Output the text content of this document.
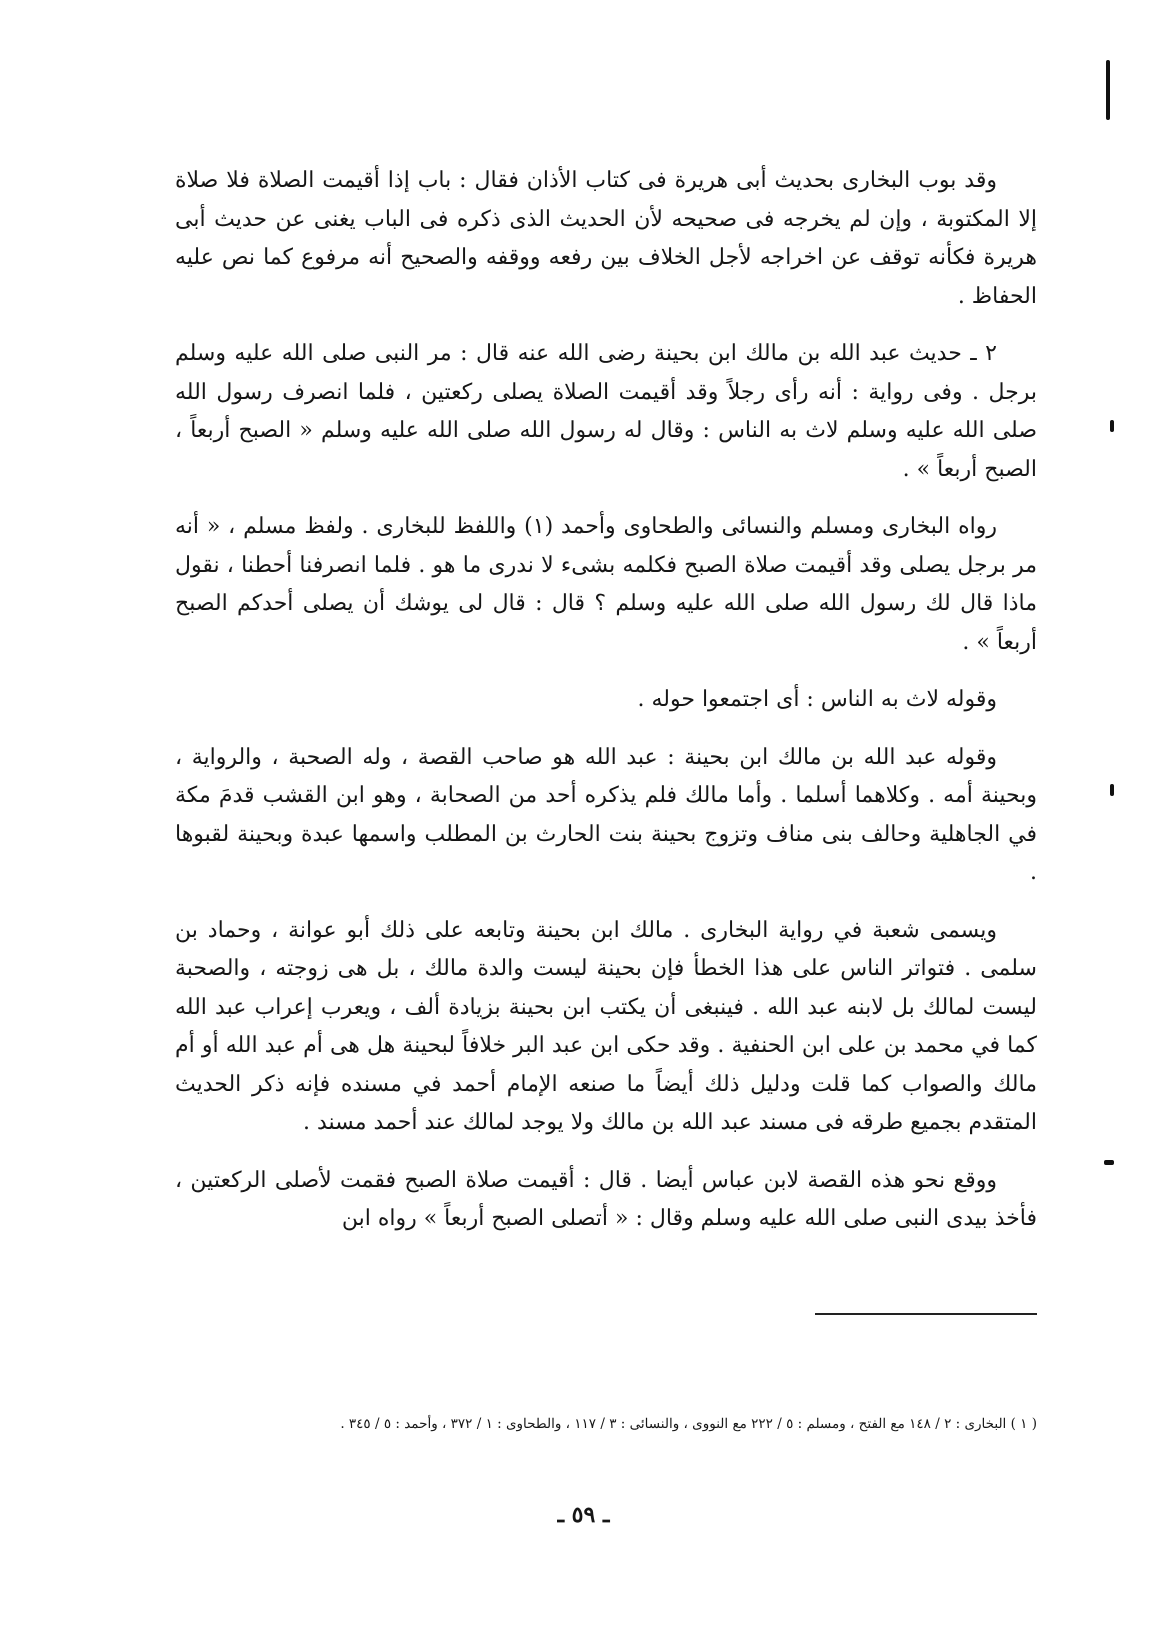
وقد بوب البخارى بحديث أبى هريرة فى كتاب الأذان فقال : باب إذا أقيمت الصلاة فلا صلاة إلا المكتوبة ، وإن لم يخرجه فى صحيحه لأن الحديث الذى ذكره فى الباب يغنى عن حديث أبى هريرة فكأنه توقف عن اخراجه لأجل الخلاف بين رفعه ووقفه والصحيح أنه مرفوع كما نص عليه الحفاظ .

٢ ـ حديث عبد الله بن مالك ابن بحينة رضى الله عنه قال : مر النبى صلى الله عليه وسلم برجل . وفى رواية : أنه رأى رجلاً وقد أقيمت الصلاة يصلى ركعتين ، فلما انصرف رسول الله صلى الله عليه وسلم لاث به الناس : وقال له رسول الله صلى الله عليه وسلم « الصبح أربعاً ، الصبح أربعاً » .

رواه البخارى ومسلم والنسائى والطحاوى وأحمد (١) واللفظ للبخارى . ولفظ مسلم ، « أنه مر برجل يصلى وقد أقيمت صلاة الصبح فكلمه بشىء لا ندرى ما هو . فلما انصرفنا أحطنا ، نقول ماذا قال لك رسول الله صلى الله عليه وسلم ؟ قال : قال لى يوشك أن يصلى أحدكم الصبح أربعاً » .

وقوله لاث به الناس : أى اجتمعوا حوله .

وقوله عبد الله بن مالك ابن بحينة : عبد الله هو صاحب القصة ، وله الصحبة ، والرواية ، وبحينة أمه . وكلاهما أسلما . وأما مالك فلم يذكره أحد من الصحابة ، وهو ابن القشب قدمَ مكة في الجاهلية وحالف بنى مناف وتزوج بحينة بنت الحارث بن المطلب واسمها عبدة وبحينة لقبوها .

ويسمى شعبة في رواية البخارى . مالك ابن بحينة وتابعه على ذلك أبو عوانة ، وحماد بن سلمى . فتواتر الناس على هذا الخطأ فإن بحينة ليست والدة مالك ، بل هى زوجته ، والصحبة ليست لمالك بل لابنه عبد الله . فينبغى أن يكتب ابن بحينة بزيادة ألف ، ويعرب إعراب عبد الله كما في محمد بن على ابن الحنفية . وقد حكى ابن عبد البر خلافاً لبحينة هل هى أم عبد الله أو أم مالك والصواب كما قلت ودليل ذلك أيضاً ما صنعه الإمام أحمد في مسنده فإنه ذكر الحديث المتقدم بجميع طرقه فى مسند عبد الله بن مالك ولا يوجد لمالك عند أحمد مسند .

ووقع نحو هذه القصة لابن عباس أيضا . قال : أقيمت صلاة الصبح فقمت لأصلى الركعتين ، فأخذ بيدى النبى صلى الله عليه وسلم وقال : « أتصلى الصبح أربعاً » رواه ابن

( ١ ) البخارى : ٢ / ١٤٨ مع الفتح ، ومسلم : ٥ / ٢٢٢ مع النووى ، والنسائى : ٣ / ١١٧ ، والطحاوى : ١ / ٣٧٢ ، وأحمد : ٥ / ٣٤٥ .
ـ ٥٩ ـ
